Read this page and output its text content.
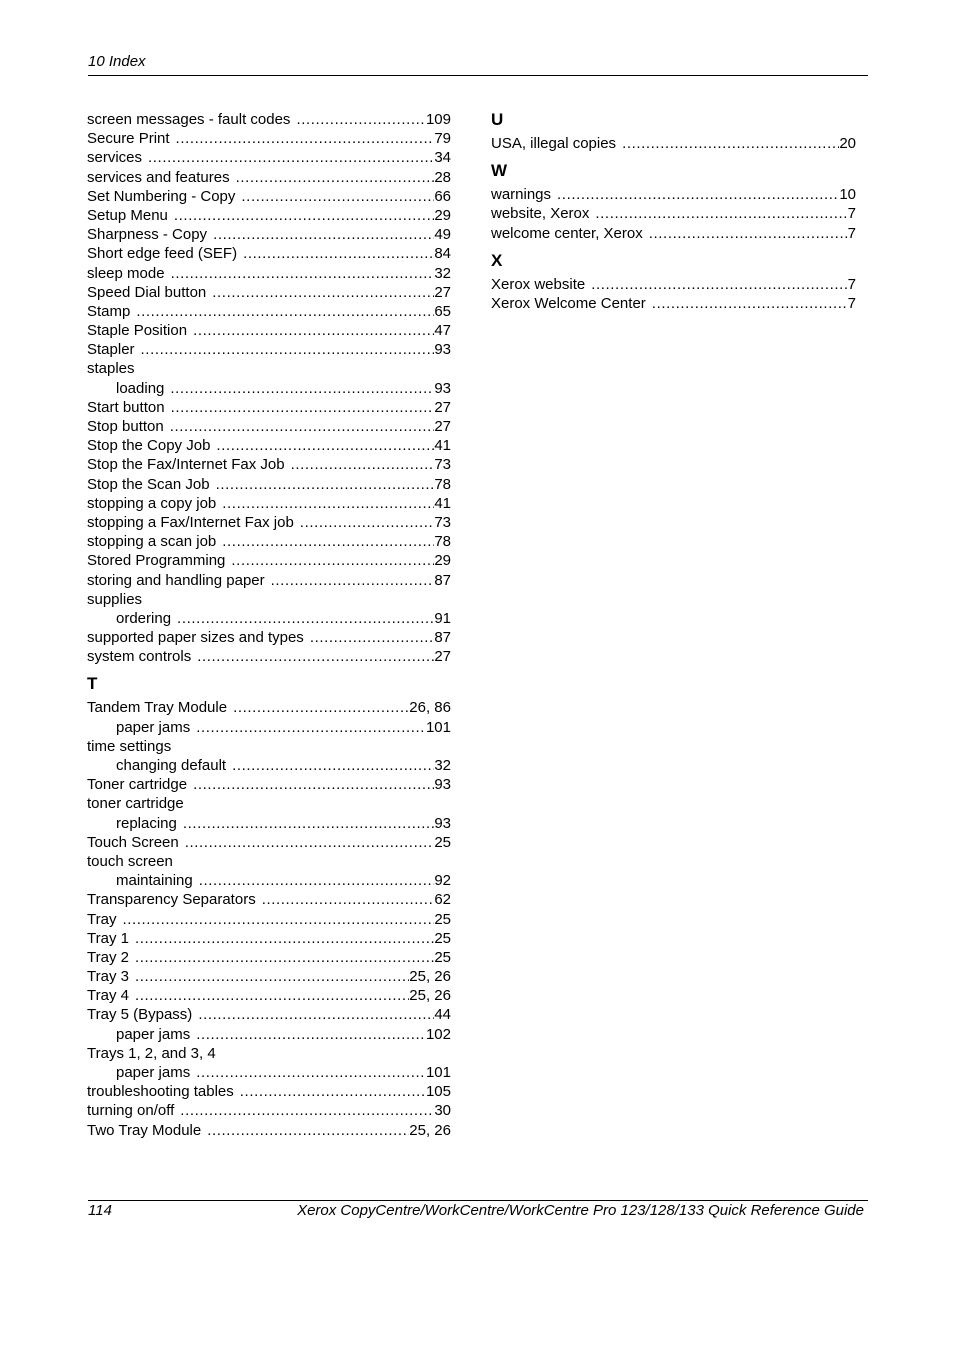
10 Index
screen messages - fault codes .....	109
Secure Print .....	79
services .....	34
services and features .....	28
Set Numbering - Copy .....	66
Setup Menu .....	29
Sharpness - Copy .....	49
Short edge feed (SEF) .....	84
sleep mode .....	32
Speed Dial button .....	27
Stamp .....	65
Staple Position .....	47
Stapler .....	93
staples
loading .....	93
Start button .....	27
Stop button .....	27
Stop the Copy Job .....	41
Stop the Fax/Internet Fax Job .....	73
Stop the Scan Job .....	78
stopping a copy job .....	41
stopping a Fax/Internet Fax job .....	73
stopping a scan job .....	78
Stored Programming .....	29
storing and handling paper .....	87
supplies
ordering .....	91
supported paper sizes and types .....	87
system controls .....	27
T
Tandem Tray Module .....	26, 86
paper jams .....	101
time settings
changing default .....	32
Toner cartridge .....	93
toner cartridge
replacing .....	93
Touch Screen .....	25
touch screen
maintaining .....	92
Transparency Separators .....	62
Tray .....	25
Tray 1 .....	25
Tray 2 .....	25
Tray 3 .....	25, 26
Tray 4 .....	25, 26
Tray 5 (Bypass) .....	44
paper jams .....	102
Trays 1, 2, and 3, 4
paper jams .....	101
troubleshooting tables .....	105
turning on/off .....	30
Two Tray Module .....	25, 26
U
USA, illegal copies .....	20
W
warnings .....	10
website, Xerox .....	7
welcome center, Xerox .....	7
X
Xerox website .....	7
Xerox Welcome Center .....	7
114	Xerox CopyCentre/WorkCentre/WorkCentre Pro 123/128/133 Quick Reference Guide
